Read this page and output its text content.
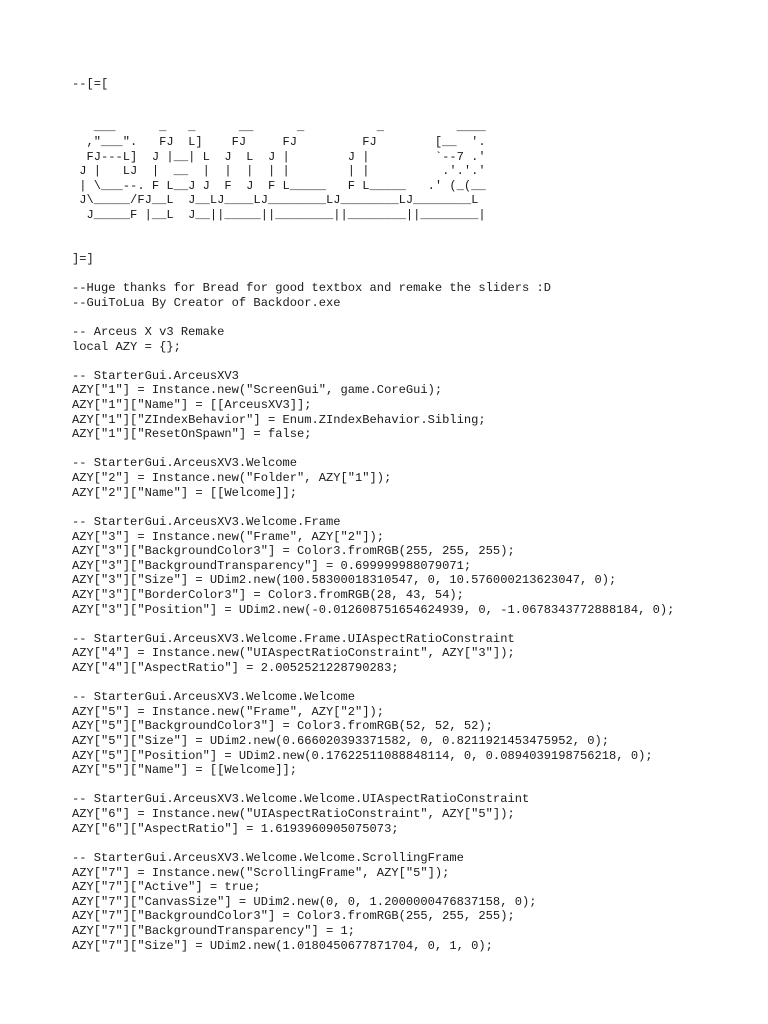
--[=[
___      _   _      __      _          _          ____
,"___".   FJ  L]    FJ     FJ         FJ        [__  '.
FJ---L]  J |__| L  J  L  J |        J |         `--7 .'
J |   LJ  |  __  |  |  |  | |        | |          .'.'.'
| \___--. F L__J J  F  J  F L_____   F L_____   .' (_(__
J\_____/FJ__L  J__LJ____LJ________LJ________LJ________L
J_____F |__L  J__||_____||________||________||________|
]=]
--Huge thanks for Bread for good textbox and remake the sliders :D
--GuiToLua By Creator of Backdoor.exe
-- Arceus X v3 Remake
local AZY = {};
-- StarterGui.ArceusXV3
AZY["1"] = Instance.new("ScreenGui", game.CoreGui);
AZY["1"]["Name"] = [[ArceusXV3]];
AZY["1"]["ZIndexBehavior"] = Enum.ZIndexBehavior.Sibling;
AZY["1"]["ResetOnSpawn"] = false;
-- StarterGui.ArceusXV3.Welcome
AZY["2"] = Instance.new("Folder", AZY["1"]);
AZY["2"]["Name"] = [[Welcome]];
-- StarterGui.ArceusXV3.Welcome.Frame
AZY["3"] = Instance.new("Frame", AZY["2"]);
AZY["3"]["BackgroundColor3"] = Color3.fromRGB(255, 255, 255);
AZY["3"]["BackgroundTransparency"] = 0.699999988079071;
AZY["3"]["Size"] = UDim2.new(100.58300018310547, 0, 10.576000213623047, 0);
AZY["3"]["BorderColor3"] = Color3.fromRGB(28, 43, 54);
AZY["3"]["Position"] = UDim2.new(-0.012608751654624939, 0, -1.0678343772888184, 0);
-- StarterGui.ArceusXV3.Welcome.Frame.UIAspectRatioConstraint
AZY["4"] = Instance.new("UIAspectRatioConstraint", AZY["3"]);
AZY["4"]["AspectRatio"] = 2.0052521228790283;
-- StarterGui.ArceusXV3.Welcome.Welcome
AZY["5"] = Instance.new("Frame", AZY["2"]);
AZY["5"]["BackgroundColor3"] = Color3.fromRGB(52, 52, 52);
AZY["5"]["Size"] = UDim2.new(0.666020393371582, 0, 0.8211921453475952, 0);
AZY["5"]["Position"] = UDim2.new(0.17622511088848114, 0, 0.0894039198756218, 0);
AZY["5"]["Name"] = [[Welcome]];
-- StarterGui.ArceusXV3.Welcome.Welcome.UIAspectRatioConstraint
AZY["6"] = Instance.new("UIAspectRatioConstraint", AZY["5"]);
AZY["6"]["AspectRatio"] = 1.6193960905075073;
-- StarterGui.ArceusXV3.Welcome.Welcome.ScrollingFrame
AZY["7"] = Instance.new("ScrollingFrame", AZY["5"]);
AZY["7"]["Active"] = true;
AZY["7"]["CanvasSize"] = UDim2.new(0, 0, 1.2000000476837158, 0);
AZY["7"]["BackgroundColor3"] = Color3.fromRGB(255, 255, 255);
AZY["7"]["BackgroundTransparency"] = 1;
AZY["7"]["Size"] = UDim2.new(1.0180450677871704, 0, 1, 0);
